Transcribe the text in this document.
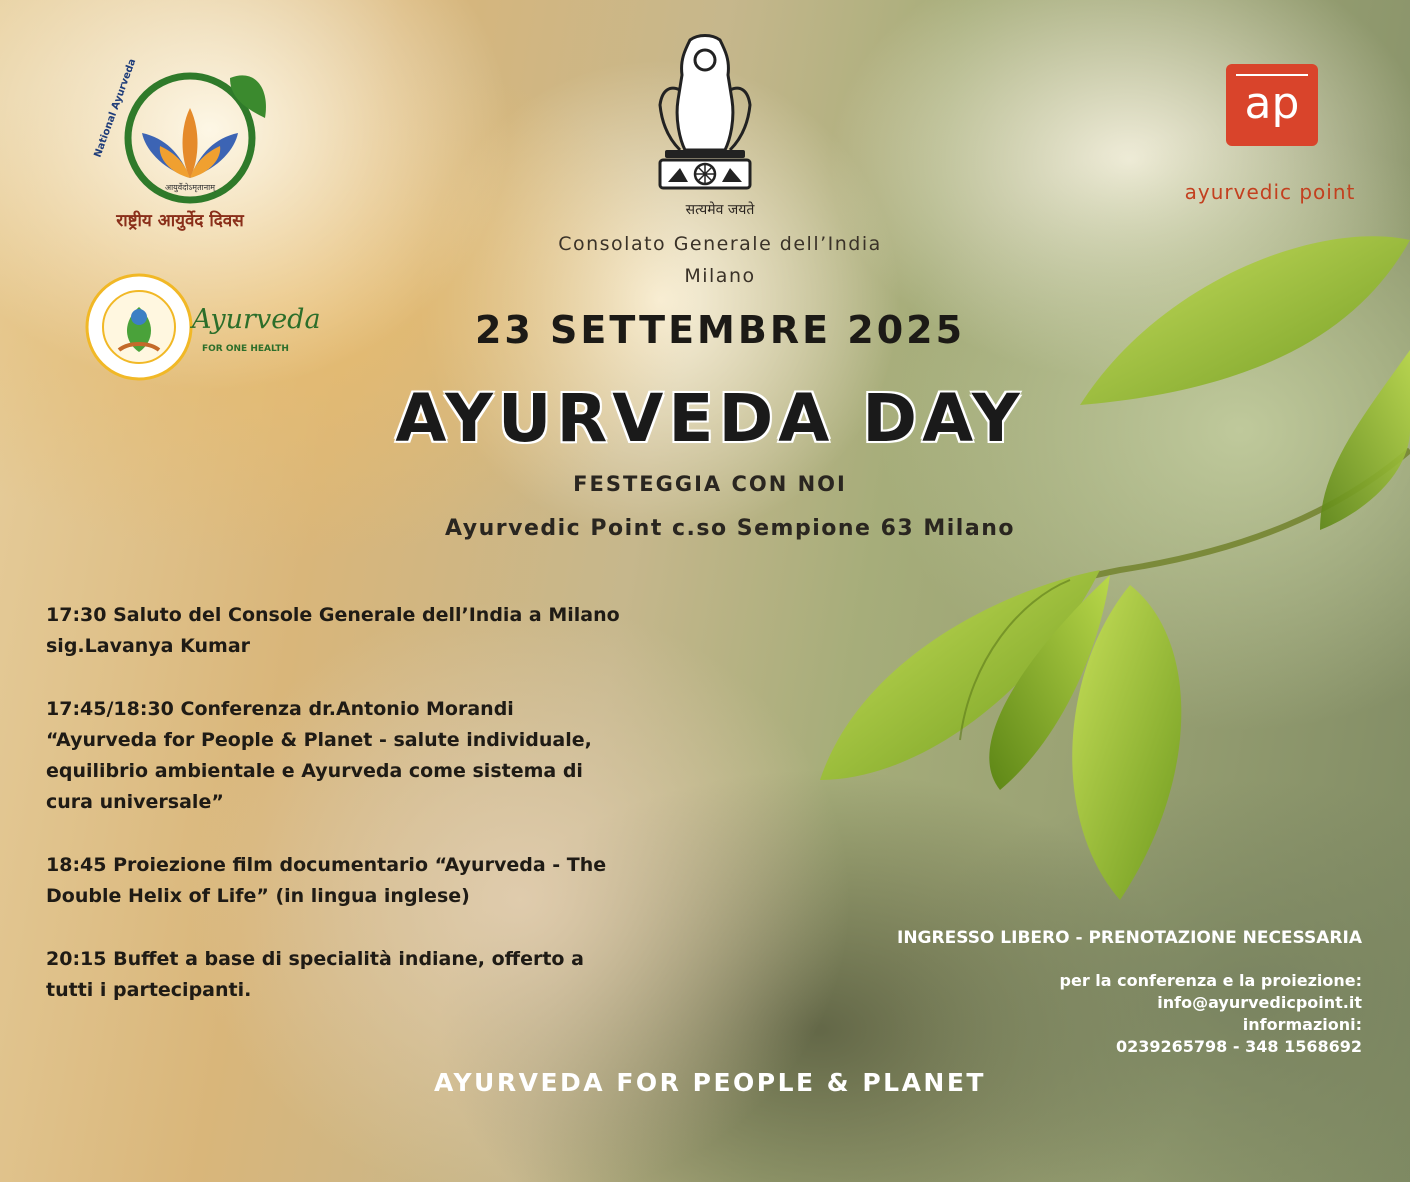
National Ayurveda Day
आयुर्वेदोऽमृतानाम्
राष्ट्रीय आयुर्वेद दिवस
Ayurveda
FOR ONE HEALTH
सत्यमेव जयते
Consolato Generale dell’India
Milano
ap
ayurvedic point
23 SETTEMBRE 2025
AYURVEDA DAY
FESTEGGIA CON NOI
Ayurvedic Point c.so Sempione 63 Milano

17:30 Saluto del Console Generale dell’India a Milano sig.Lavanya Kumar

17:45/18:30 Conferenza dr.Antonio Morandi “Ayurveda for People & Planet - salute individuale, equilibrio ambientale e Ayurveda come sistema di cura universale”

18:45 Proiezione film documentario “Ayurveda - The Double Helix of Life” (in lingua inglese)

20:15 Buffet a base di specialità indiane, offerto a tutti i partecipanti.

INGRESSO LIBERO - PRENOTAZIONE NECESSARIA
per la conferenza e la proiezione:
info@ayurvedicpoint.it
informazioni:
0239265798 - 348 1568692
AYURVEDA FOR PEOPLE & PLANET
